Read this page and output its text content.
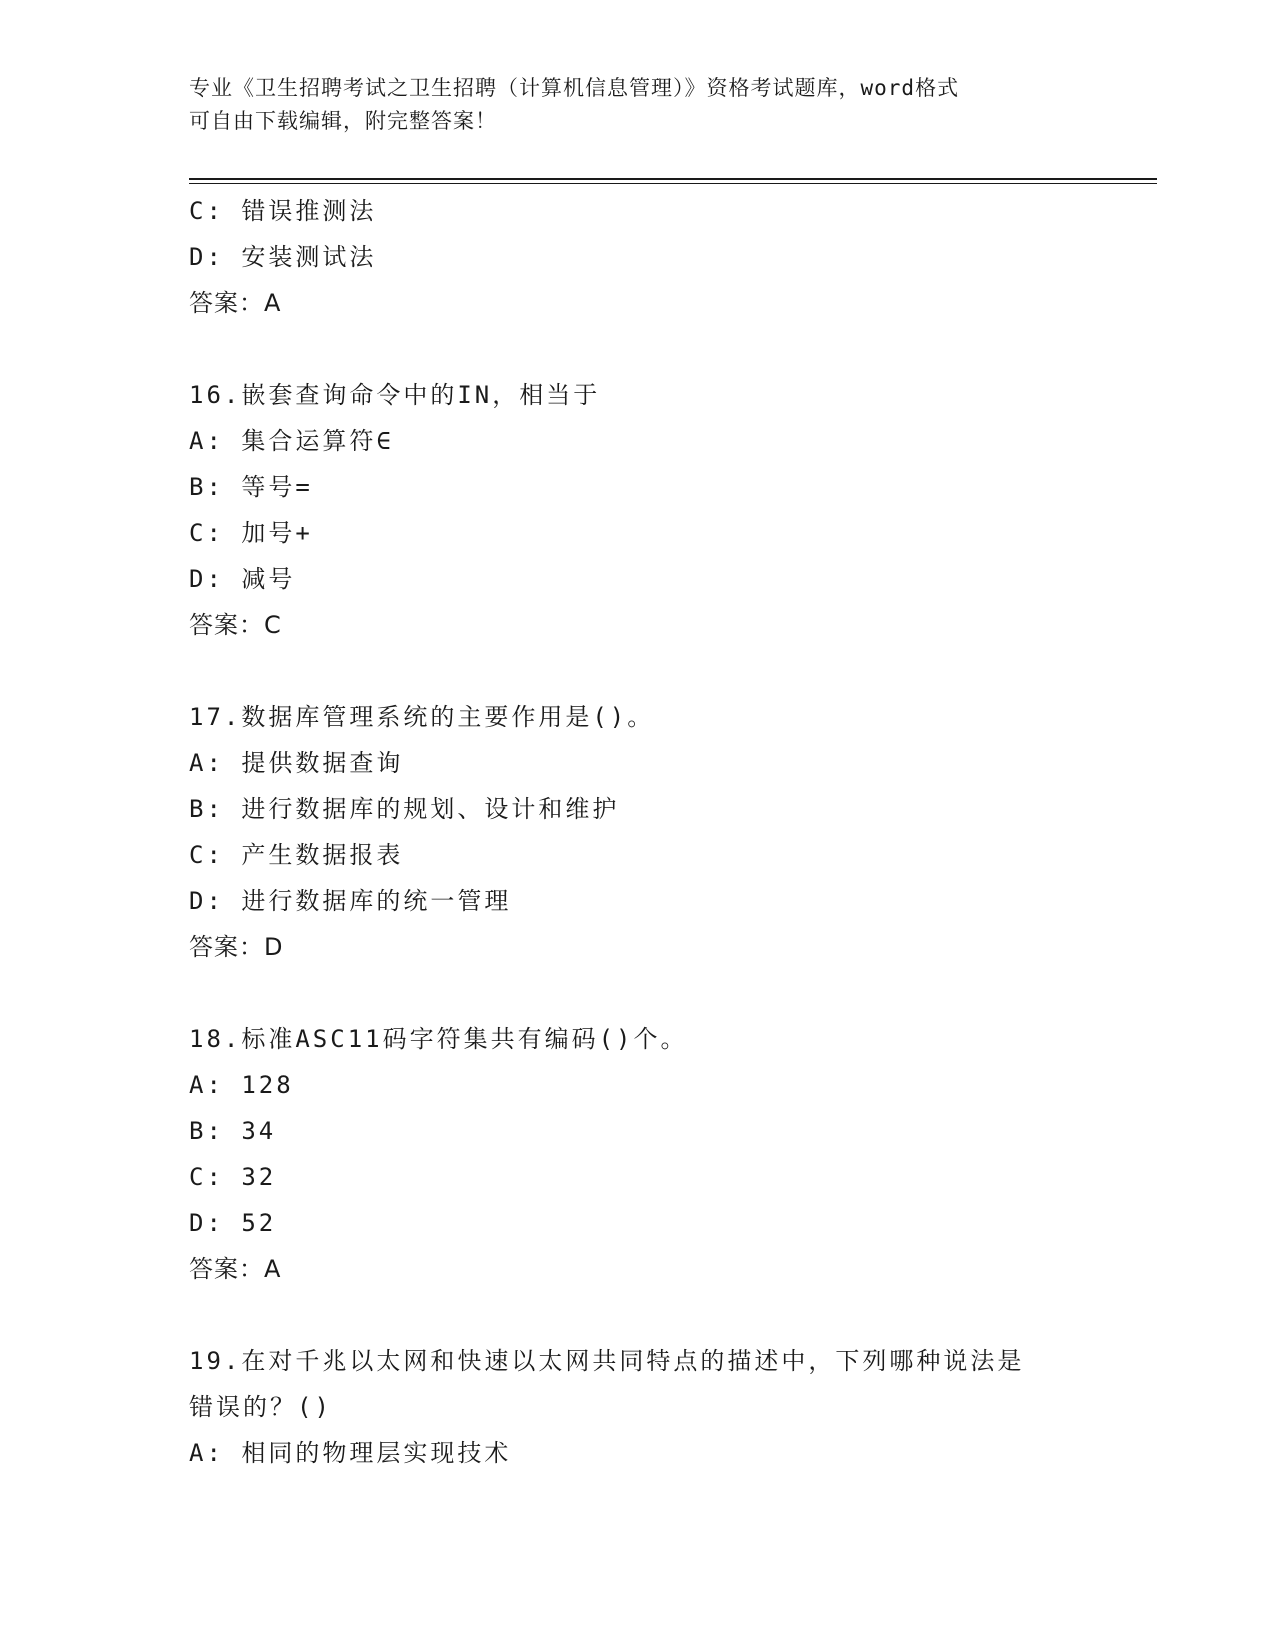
专业《卫生招聘考试之卫生招聘（计算机信息管理）》资格考试题库，word格式
可自由下载编辑，附完整答案！
C: 错误推测法
D: 安装测试法
答案：A
16.嵌套查询命令中的IN，相当于
A: 集合运算符∈
B: 等号=
C: 加号+
D: 减号
答案：C
17.数据库管理系统的主要作用是()。
A: 提供数据查询
B: 进行数据库的规划、设计和维护
C: 产生数据报表
D: 进行数据库的统一管理
答案：D
18.标准ASC11码字符集共有编码()个。
A: 128
B: 34
C: 32
D: 52
答案：A
19.在对千兆以太网和快速以太网共同特点的描述中，下列哪种说法是
错误的？()
A: 相同的物理层实现技术
